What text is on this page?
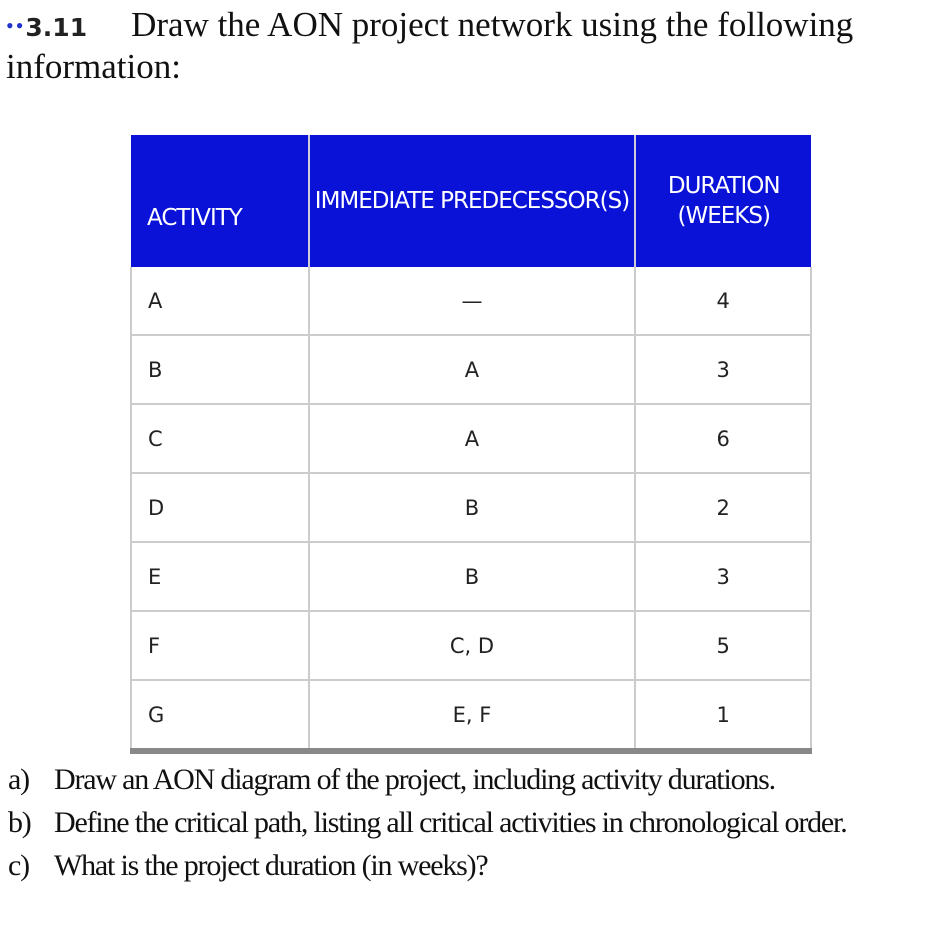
••3.11 Draw the AON project network using the following
information:
ACTIVITY	IMMEDIATE PREDECESSOR(S)	DURATION (WEEKS)
A	—	4
B	A	3
C	A	6
D	B	2
E	B	3
F	C, D	5
G	E, F	1
a) Draw an AON diagram of the project, including activity durations.
b) Define the critical path, listing all critical activities in chronological order.
c) What is the project duration (in weeks)?
